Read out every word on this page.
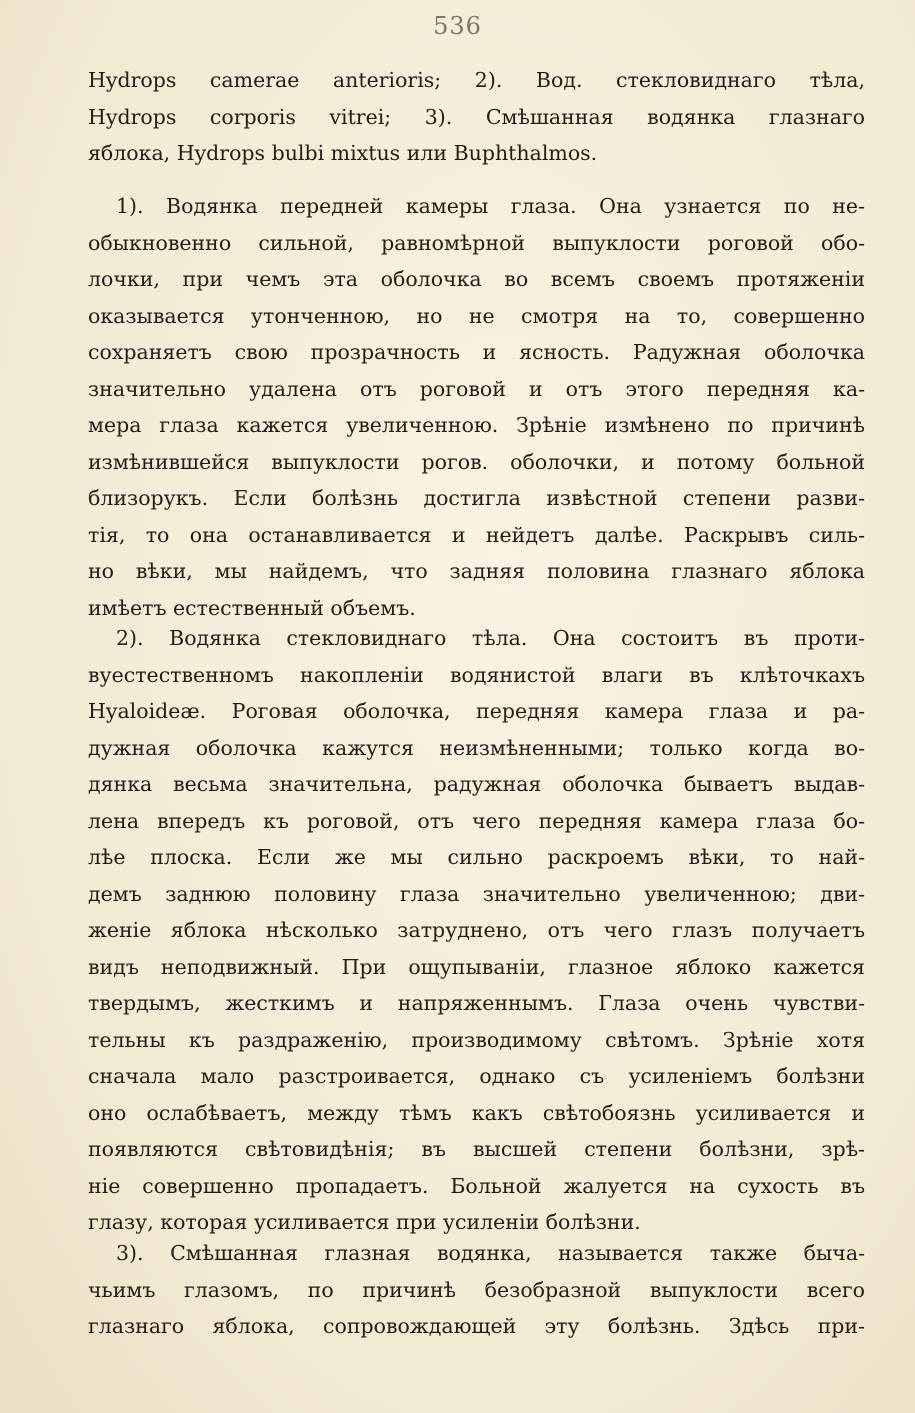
536
Hydrops camerae anterioris; 2). Вод. стекловиднаго тѣла,
Hydrops corporis vitrei; 3). Смѣшанная водянка глазнаго
яблока, Hydrops bulbi mixtus или Buphthalmos.
1). Водянка передней камеры глаза. Она узнается по не-
обыкновенно сильной, равномѣрной выпуклости роговой обо-
лочки, при чемъ эта оболочка во всемъ своемъ протяженіи
оказывается утонченною, но не смотря на то, совершенно
сохраняетъ свою прозрачность и ясность. Радужная оболочка
значительно удалена отъ роговой и отъ этого передняя ка-
мера глаза кажется увеличенною. Зрѣніе измѣнено по причинѣ
измѣнившейся выпуклости рогов. оболочки, и потому больной
близорукъ. Если болѣзнь достигла извѣстной степени разви-
тія, то она останавливается и нейдетъ далѣе. Раскрывъ силь-
но вѣки, мы найдемъ, что задняя половина глазнаго яблока
имѣетъ естественный объемъ.
2). Водянка стекловиднаго тѣла. Она состоитъ въ проти-
вуестественномъ накопленіи водянистой влаги въ клѣточкахъ
Hyaloideæ. Роговая оболочка, передняя камера глаза и ра-
дужная оболочка кажутся неизмѣненными; только когда во-
дянка весьма значительна, радужная оболочка бываетъ выдав-
лена впередъ къ роговой, отъ чего передняя камера глаза бо-
лѣе плоска. Если же мы сильно раскроемъ вѣки, то най-
демъ заднюю половину глаза значительно увеличенною; дви-
женіе яблока нѣсколько затруднено, отъ чего глазъ получаетъ
видъ неподвижный. При ощупываніи, глазное яблоко кажется
твердымъ, жесткимъ и напряженнымъ. Глаза очень чувстви-
тельны къ раздраженію, производимому свѣтомъ. Зрѣніе хотя
сначала мало разстроивается, однако съ усиленіемъ болѣзни
оно ослабѣваетъ, между тѣмъ какъ свѣтобоязнь усиливается и
появляются свѣтовидѣнія; въ высшей степени болѣзни, зрѣ-
ніе совершенно пропадаетъ. Больной жалуется на сухость въ
глазу, которая усиливается при усиленіи болѣзни.
3). Смѣшанная глазная водянка, называется также бычa-
чьимъ глазомъ, по причинѣ безобразной выпуклости всего
глазнаго яблока, сопровождающей эту болѣзнь. Здѣсь при-
